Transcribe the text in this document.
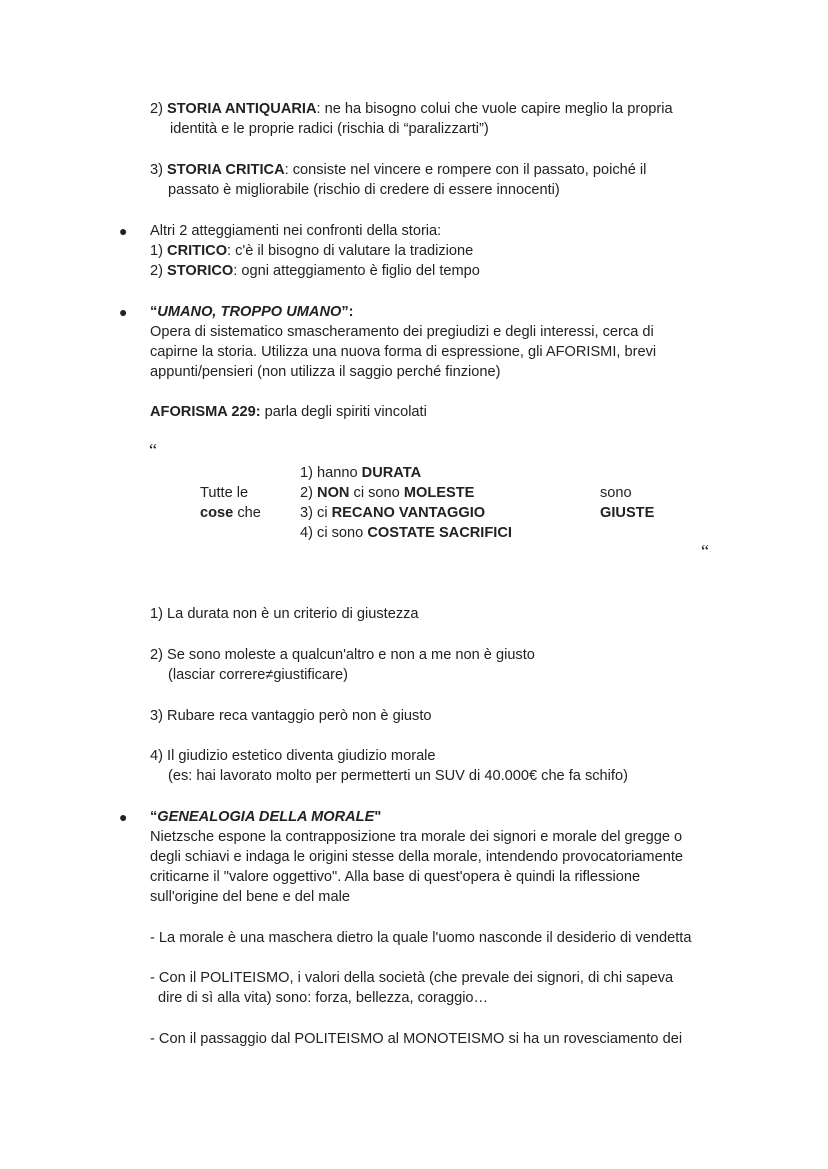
2) STORIA ANTIQUARIA: ne ha bisogno colui che vuole capire meglio la propria
identità e le proprie radici (rischia di “paralizzarti”)
3) STORIA CRITICA: consiste nel vincere e rompere con il passato, poiché il
passato è migliorabile (rischio di credere di essere innocenti)
● Altri 2 atteggiamenti nei confronti della storia:
1) CRITICO: c'è il bisogno di valutare la tradizione
2) STORICO: ogni atteggiamento è figlio del tempo
● “UMANO, TROPPO UMANO”:
Opera di sistematico smascheramento dei pregiudizi e degli interessi, cerca di
capirne la storia. Utilizza una nuova forma di espressione, gli AFORISMI, brevi
appunti/pensieri (non utilizza il saggio perché finzione)
AFORISMA 229: parla degli spiriti vincolati
“
Tutte le
cose che
1) hanno DURATA
2) NON ci sono MOLESTE
3) ci RECANO VANTAGGIO
4) ci sono COSTATE SACRIFICI
sono
GIUSTE
“
1) La durata non è un criterio di giustezza
2) Se sono moleste a qualcun'altro e non a me non è giusto
(lasciar correre≠giustificare)
3) Rubare reca vantaggio però non è giusto
4) Il giudizio estetico diventa giudizio morale
(es: hai lavorato molto per permetterti un SUV di 40.000€ che fa schifo)
● “GENEALOGIA DELLA MORALE"
Nietzsche espone la contrapposizione tra morale dei signori e morale del gregge o
degli schiavi e indaga le origini stesse della morale, intendendo provocatoriamente
criticarne il "valore oggettivo". Alla base di quest'opera è quindi la riflessione
sull'origine del bene e del male
- La morale è una maschera dietro la quale l'uomo nasconde il desiderio di vendetta
- Con il POLITEISMO, i valori della società (che prevale dei signori, di chi sapeva
dire di sì alla vita) sono: forza, bellezza, coraggio…
- Con il passaggio dal POLITEISMO al MONOTEISMO si ha un rovesciamento dei
